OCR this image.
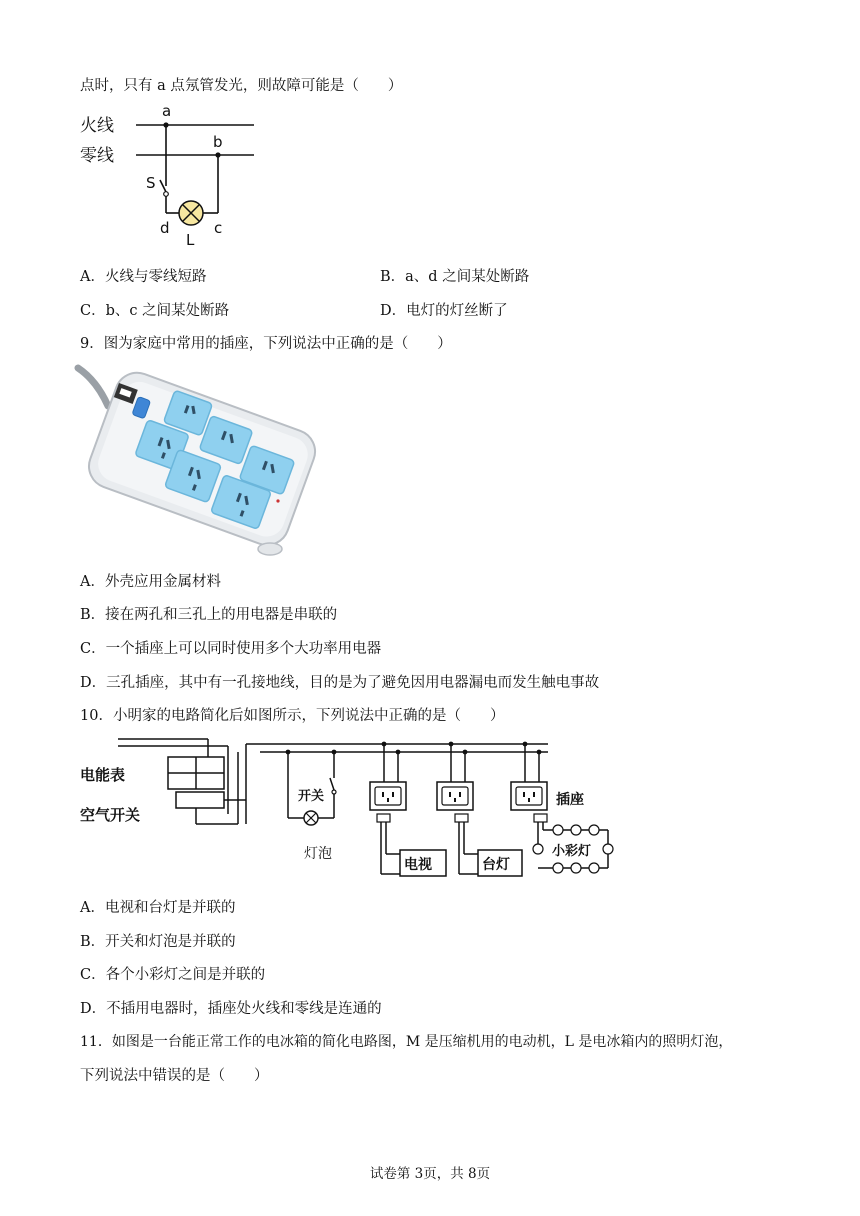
点时，只有 a 点氖管发光，则故障可能是（　　）
火线
零线
a
b
S
d
L
c
A．火线与零线短路	B．a、d 之间某处断路
C．b、c 之间某处断路	D．电灯的灯丝断了
9．图为家庭中常用的插座，下列说法中正确的是（　　）
A．外壳应用金属材料
B．接在两孔和三孔上的用电器是串联的
C．一个插座上可以同时使用多个大功率用电器
D．三孔插座，其中有一孔接地线，目的是为了避免因用电器漏电而发生触电事故
10．小明家的电路简化后如图所示，下列说法中正确的是（　　）
电能表
空气开关
开关
灯泡
电视	台灯
插座
小彩灯
A．电视和台灯是并联的
B．开关和灯泡是并联的
C．各个小彩灯之间是并联的
D．不插用电器时，插座处火线和零线是连通的
11．如图是一台能正常工作的电冰箱的简化电路图，M 是压缩机用的电动机，L 是电冰箱内的照明灯泡，
下列说法中错误的是（　　）
试卷第 3页，共 8页
